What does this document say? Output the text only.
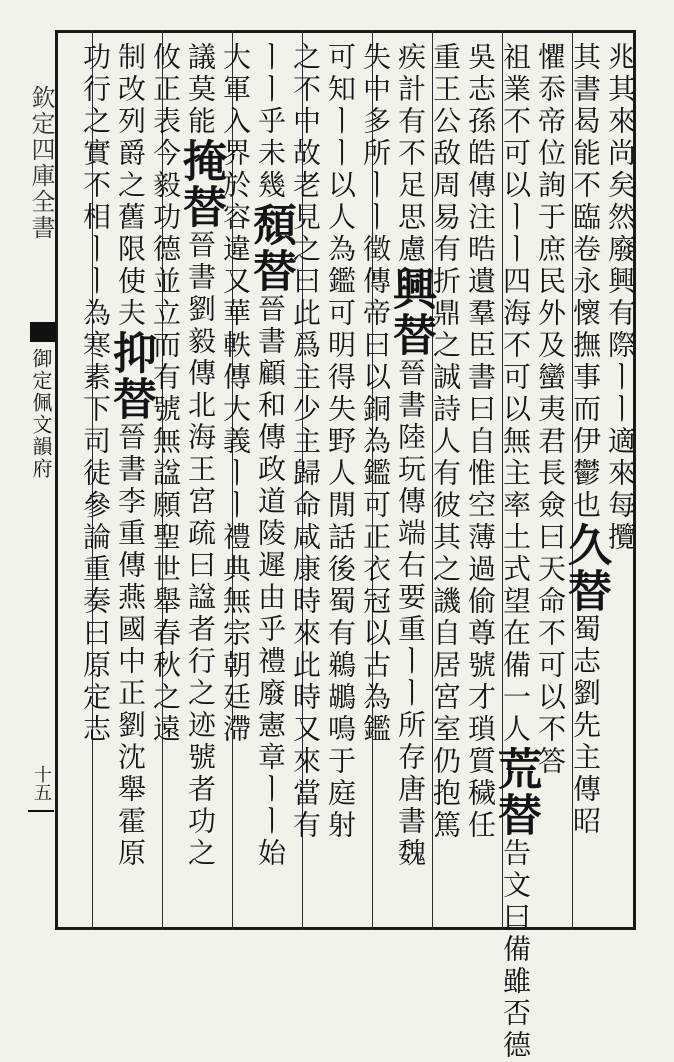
欽定四庫全書
御定佩文韻府
十五
兆其來尚矣然廢興有際ㅣㅣ適來每攬
其書曷能不臨卷永懷撫事而伊鬱也久替蜀志劉先主傳昭
懼忝帝位詢于庶民外及蠻夷君長僉曰天命不可以不答
祖業不可以ㅣㅣ四海不可以無主率土式望在備一人荒替告文曰備雖否德
吳志孫皓傳注晧遺羣臣書曰自惟空薄過偷尊號才瑣質穢任
重王公敌周易有折鼎之誠詩人有彼其之譏自居宮室仍抱篤
疾計有不足思慮興替晉書陸玩傳端右要重ㅣㅣ所存唐書魏
失中多所ㅣㅣ徵傳帝曰以銅為鑑可正衣冠以古為鑑
可知ㅣㅣ以人為鑑可明得失野人閒話後蜀有鵜鶘鳴于庭射
之不中故老見之曰此爲主少主歸命咸康時來此時又來當有
ㅣㅣ乎未幾頹替晉書顧和傳政道陵遲由乎禮廢憲章ㅣㅣ始
大軍入界於容違又華軼傳大義ㅣㅣ禮典無宗朝廷滯
議莫能掩替晉書劉毅傳北海王宮疏曰諡者行之迹號者功之
攸正表今毅功德並立而有號無諡願聖世舉春秋之遠
制改列爵之舊限使夫抑替晉書李重傳燕國中正劉沈舉霍原
功行之實不相ㅣㅣ為寒素下司徒參論重奏曰原定志
